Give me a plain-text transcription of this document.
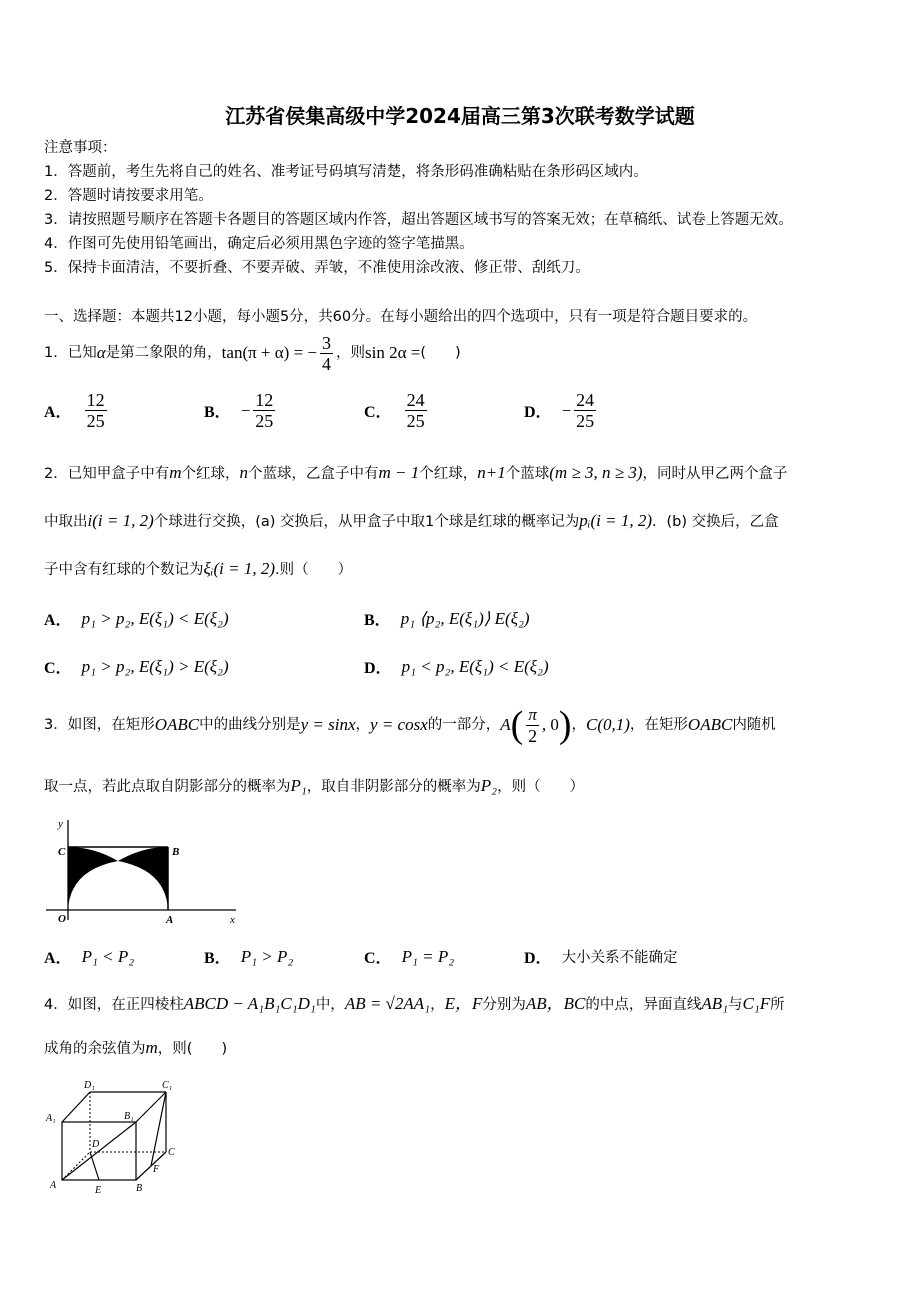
江苏省侯集高级中学2024届高三第3次联考数学试题
注意事项：
1．答题前，考生先将自己的姓名、准考证号码填写清楚，将条形码准确粘贴在条形码区域内。
2．答题时请按要求用笔。
3．请按照题号顺序在答题卡各题目的答题区域内作答，超出答题区域书写的答案无效；在草稿纸、试卷上答题无效。
4．作图可先使用铅笔画出，确定后必须用黑色字迹的签字笔描黑。
5．保持卡面清洁，不要折叠、不要弄破、弄皱，不准使用涂改液、修正带、刮纸刀。
一、选择题：本题共12小题，每小题5分，共60分。在每小题给出的四个选项中，只有一项是符合题目要求的。
1．已知 α 是第二象限的角， tan(π + α) = − $\frac{3}{4}$ ，则 sin 2α = (　　)
A． $\frac{12}{25}$	B． − $\frac{12}{25}$	C． $\frac{24}{25}$	D． − $\frac{24}{25}$
2．已知甲盒子中有m个红球，n个蓝球，乙盒子中有m − 1个红球，n+1个蓝球(m ≥ 3, n ≥ 3)，同时从甲乙两个盒子
中取出i(i = 1, 2)个球进行交换，(a) 交换后，从甲盒子中取1个球是红球的概率记为pᵢ(i = 1, 2)．(b) 交换后，乙盒
子中含有红球的个数记为ξᵢ(i = 1, 2).则（　　）
A． p₁ > p₂, E(ξ₁) < E(ξ₂)	B． p₁ ⟨p₂, E(ξ₁)⟩ E(ξ₂)
C． p₁ > p₂, E(ξ₁) > E(ξ₂)	D． p₁ < p₂, E(ξ₁) < E(ξ₂)
3．如图，在矩形 OABC 中的曲线分别是 y = sinx ， y = cosx 的一部分， A ( $\frac{\pi}{2}$ , 0 ) ， C(0,1) ，在矩形 OABC 内随机
取一点，若此点取自阴影部分的概率为P₁，取自非阴影部分的概率为P₂，则（　　）
y
x
O	A
B
C
A． P₁ < P₂	B． P₁ > P₂	C． P₁ = P₂	D． 大小关系不能确定
4．如图，在正四棱柱ABCD − A₁B₁C₁D₁中，AB = √2AA₁，E，F分别为AB，BC的中点，异面直线AB₁与C₁F所
成角的余弦值为m，则(　　)
A₁	B₁
C₁
D₁
A	B
C
D
E
F
